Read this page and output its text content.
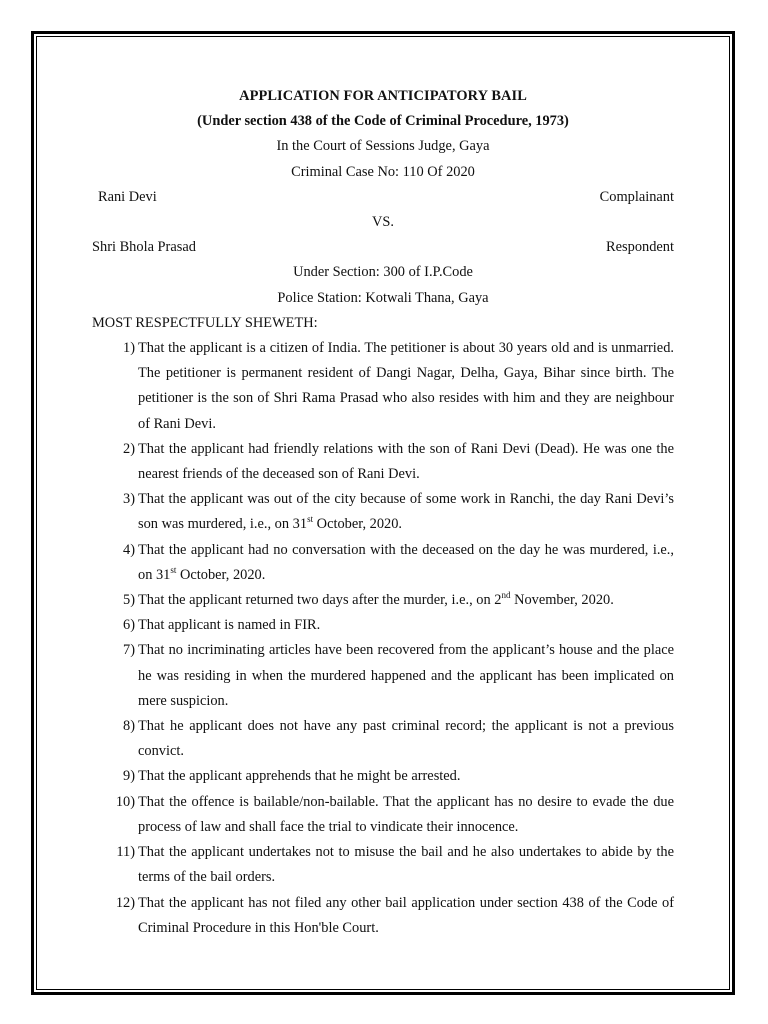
APPLICATION FOR ANTICIPATORY BAIL
(Under section 438 of the Code of Criminal Procedure, 1973)
In the Court of Sessions Judge, Gaya
Criminal Case No: 110 Of 2020
Rani Devi	Complainant
VS.
Shri Bhola Prasad	Respondent
Under Section: 300 of I.P.Code
Police Station: Kotwali Thana, Gaya
MOST RESPECTFULLY SHEWETH:
1) That the applicant is a citizen of India. The petitioner is about 30 years old and is unmarried. The petitioner is permanent resident of Dangi Nagar, Delha, Gaya, Bihar since birth. The petitioner is the son of Shri Rama Prasad who also resides with him and they are neighbour of Rani Devi.
2) That the applicant had friendly relations with the son of Rani Devi (Dead). He was one the nearest friends of the deceased son of Rani Devi.
3) That the applicant was out of the city because of some work in Ranchi, the day Rani Devi’s son was murdered, i.e., on 31st October, 2020.
4) That the applicant had no conversation with the deceased on the day he was murdered, i.e., on 31st October, 2020.
5) That the applicant returned two days after the murder, i.e., on 2nd November, 2020.
6) That applicant is named in FIR.
7) That no incriminating articles have been recovered from the applicant’s house and the place he was residing in when the murdered happened and the applicant has been implicated on mere suspicion.
8) That he applicant does not have any past criminal record; the applicant is not a previous convict.
9) That the applicant apprehends that he might be arrested.
10) That the offence is bailable/non-bailable. That the applicant has no desire to evade the due process of law and shall face the trial to vindicate their innocence.
11) That the applicant undertakes not to misuse the bail and he also undertakes to abide by the terms of the bail orders.
12) That the applicant has not filed any other bail application under section 438 of the Code of Criminal Procedure in this Hon'ble Court.
